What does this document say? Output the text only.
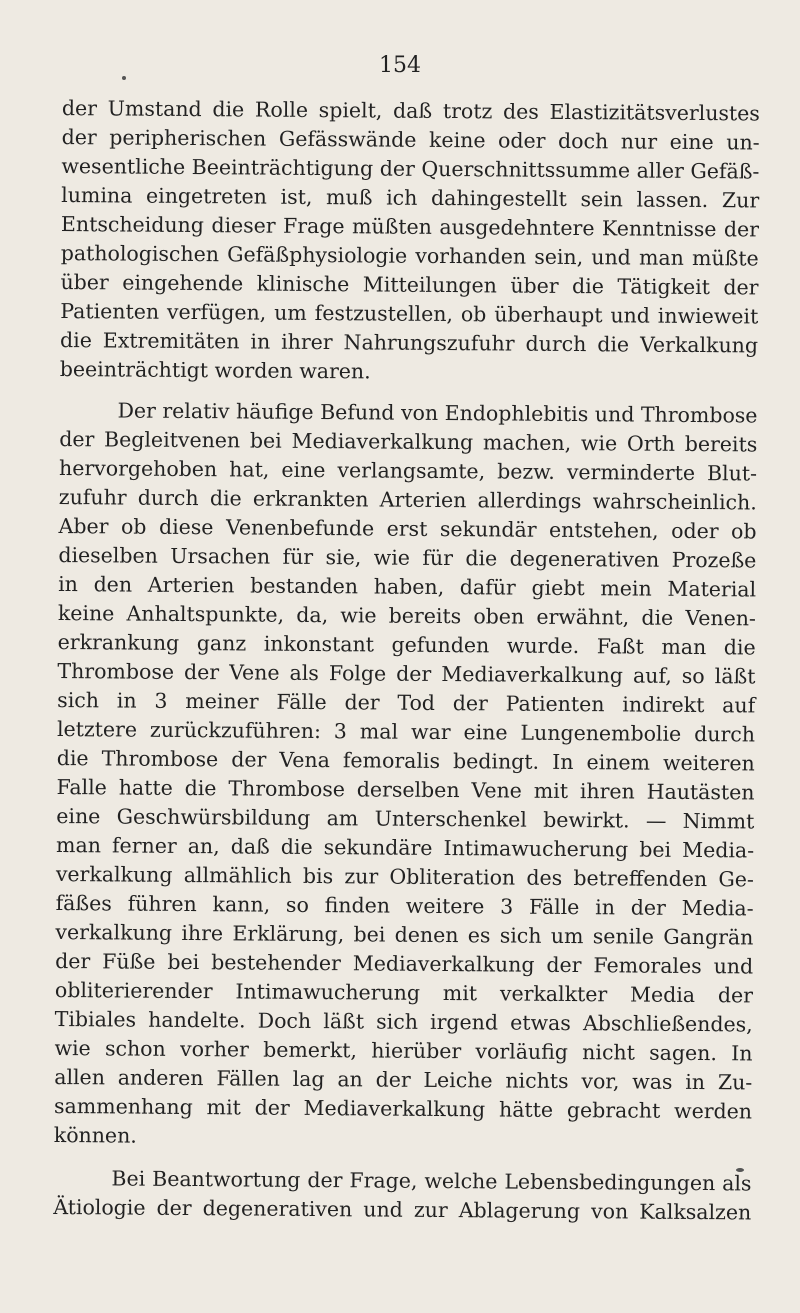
154
der Umstand die Rolle spielt, daß trotz des Elastizitätsverlustes
der peripherischen Gefässwände keine oder doch nur eine un-
wesentliche Beeinträchtigung der Querschnittssumme aller Gefäß-
lumina eingetreten ist, muß ich dahingestellt sein lassen. Zur
Entscheidung dieser Frage müßten ausgedehntere Kenntnisse der
pathologischen Gefäßphysiologie vorhanden sein, und man müßte
über eingehende klinische Mitteilungen über die Tätigkeit der
Patienten verfügen, um festzustellen, ob überhaupt und inwieweit
die Extremitäten in ihrer Nahrungszufuhr durch die Verkalkung
beeinträchtigt worden waren.
Der relativ häufige Befund von Endophlebitis und Thrombose
der Begleitvenen bei Mediaverkalkung machen, wie Orth bereits
hervorgehoben hat, eine verlangsamte, bezw. verminderte Blut-
zufuhr durch die erkrankten Arterien allerdings wahrscheinlich.
Aber ob diese Venenbefunde erst sekundär entstehen, oder ob
dieselben Ursachen für sie, wie für die degenerativen Prozeße
in den Arterien bestanden haben, dafür giebt mein Material
keine Anhaltspunkte, da, wie bereits oben erwähnt, die Venen-
erkrankung ganz inkonstant gefunden wurde. Faßt man die
Thrombose der Vene als Folge der Mediaverkalkung auf, so läßt
sich in 3 meiner Fälle der Tod der Patienten indirekt auf
letztere zurückzuführen: 3 mal war eine Lungenembolie durch
die Thrombose der Vena femoralis bedingt. In einem weiteren
Falle hatte die Thrombose derselben Vene mit ihren Hautästen
eine Geschwürsbildung am Unterschenkel bewirkt. — Nimmt
man ferner an, daß die sekundäre Intimawucherung bei Media-
verkalkung allmählich bis zur Obliteration des betreffenden Ge-
fäßes führen kann, so finden weitere 3 Fälle in der Media-
verkalkung ihre Erklärung, bei denen es sich um senile Gangrän
der Füße bei bestehender Mediaverkalkung der Femorales und
obliterierender Intimawucherung mit verkalkter Media der
Tibiales handelte. Doch läßt sich irgend etwas Abschließendes,
wie schon vorher bemerkt, hierüber vorläufig nicht sagen. In
allen anderen Fällen lag an der Leiche nichts vor, was in Zu-
sammenhang mit der Mediaverkalkung hätte gebracht werden
können.
Bei Beantwortung der Frage, welche Lebensbedingungen als
Ätiologie der degenerativen und zur Ablagerung von Kalksalzen
